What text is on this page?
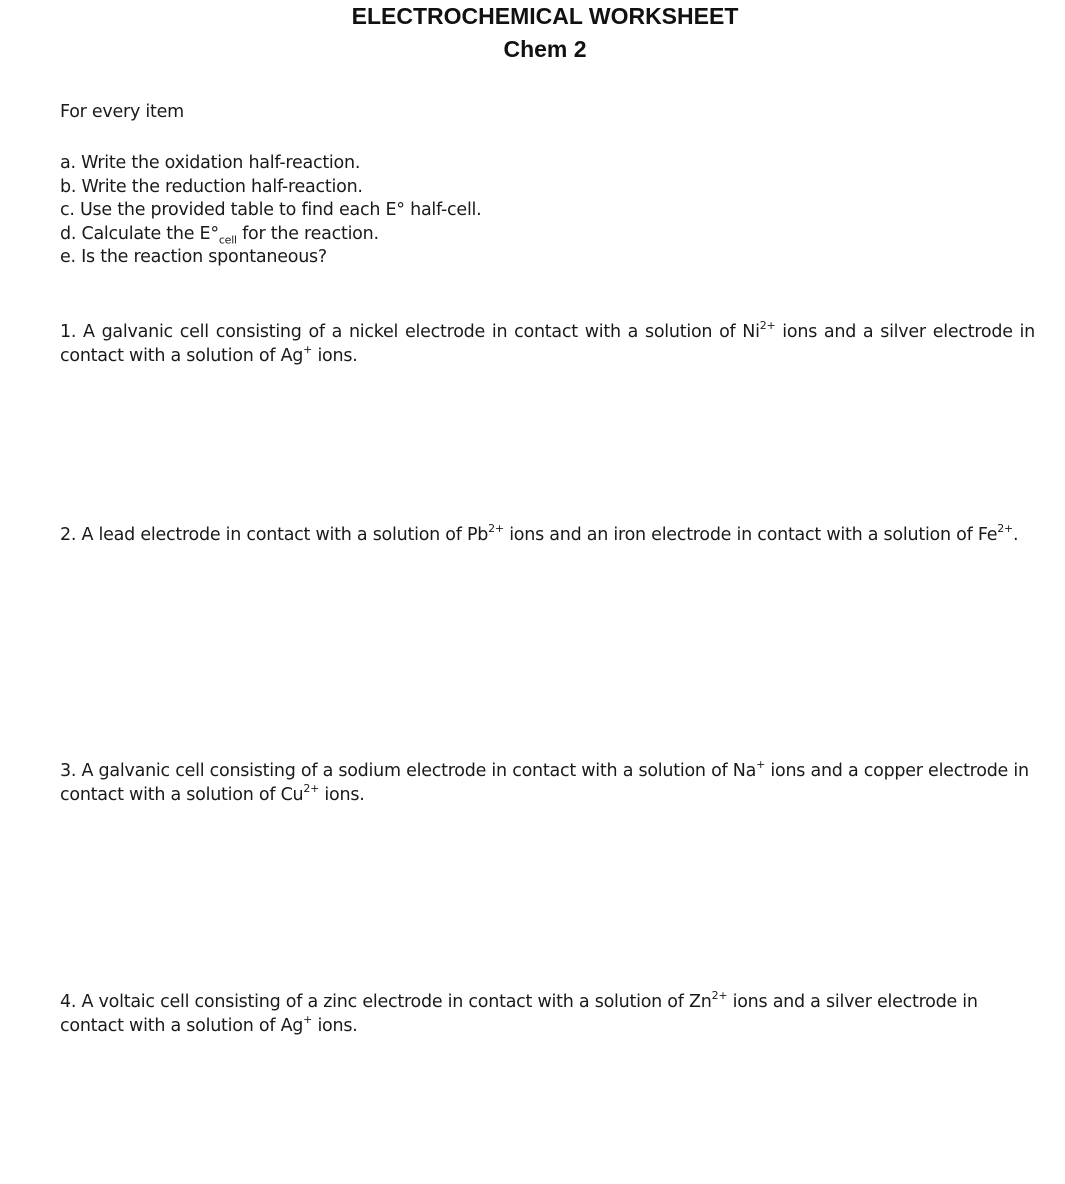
ELECTROCHEMICAL WORKSHEET
Chem 2
For every item
a. Write the oxidation half-reaction.
b. Write the reduction half-reaction.
c. Use the provided table to find each E° half-cell.
d. Calculate the $E^\circ_{cell}$ for the reaction.
e. Is the reaction spontaneous?
1. A galvanic cell consisting of a nickel electrode in contact with a solution of $Ni^{2+}$ ions and a silver electrode in contact with a solution of Ag+ ions.
2. A lead electrode in contact with a solution of $Pb^{2+}$ ions and an iron electrode in contact with a solution of $Fe^{2+}$.
3. A galvanic cell consisting of a sodium electrode in contact with a solution of Na+ ions and a copper electrode in contact with a solution of $Cu^{2+}$ ions.
4. A voltaic cell consisting of a zinc electrode in contact with a solution of $Zn^{2+}$ ions and a silver electrode in contact with a solution of Ag+ ions.
